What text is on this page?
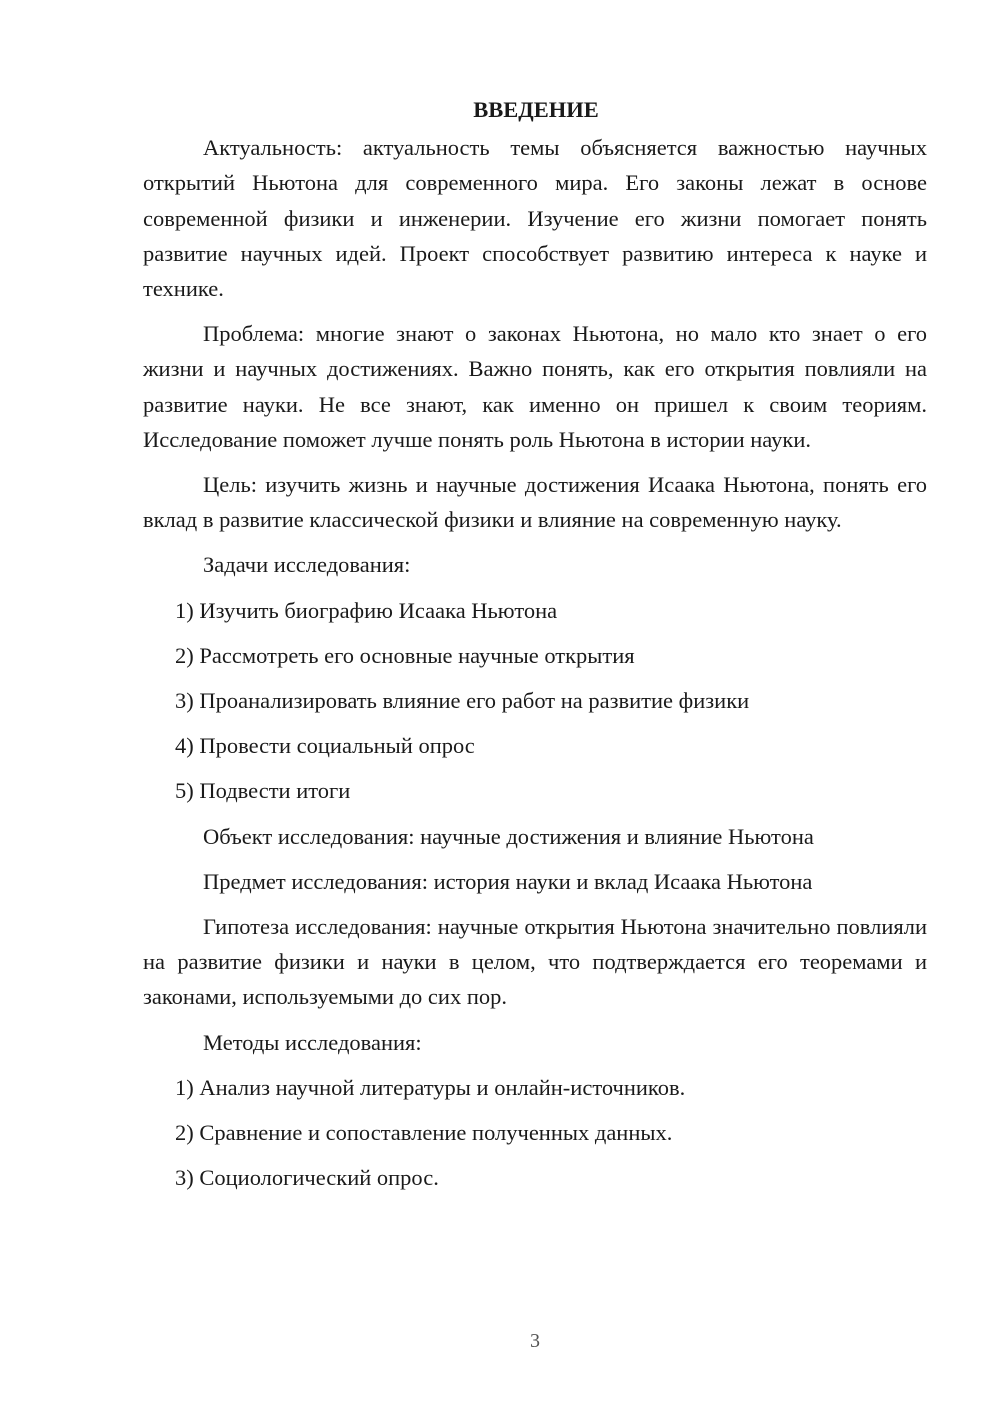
ВВЕДЕНИЕ

Актуальность: актуальность темы объясняется важностью научных открытий Ньютона для современного мира. Его законы лежат в основе современной физики и инженерии. Изучение его жизни помогает понять развитие научных идей. Проект способствует развитию интереса к науке и технике.

Проблема: многие знают о законах Ньютона, но мало кто знает о его жизни и научных достижениях. Важно понять, как его открытия повлияли на развитие науки. Не все знают, как именно он пришел к своим теориям. Исследование поможет лучше понять роль Ньютона в истории науки.

Цель: изучить жизнь и научные достижения Исаака Ньютона, понять его вклад в развитие классической физики и влияние на современную науку.

Задачи исследования:
1) Изучить биографию Исаака Ньютона
2) Рассмотреть его основные научные открытия
3) Проанализировать влияние его работ на развитие физики
4) Провести социальный опрос
5) Подвести итоги
Объект исследования: научные достижения и влияние Ньютона
Предмет исследования: история науки и вклад Исаака Ньютона

Гипотеза исследования: научные открытия Ньютона значительно повлияли на развитие физики и науки в целом, что подтверждается его теоремами и законами, используемыми до сих пор.

Методы исследования:
1) Анализ научной литературы и онлайн-источников.
2) Сравнение и сопоставление полученных данных.
3) Социологический опрос.
3
